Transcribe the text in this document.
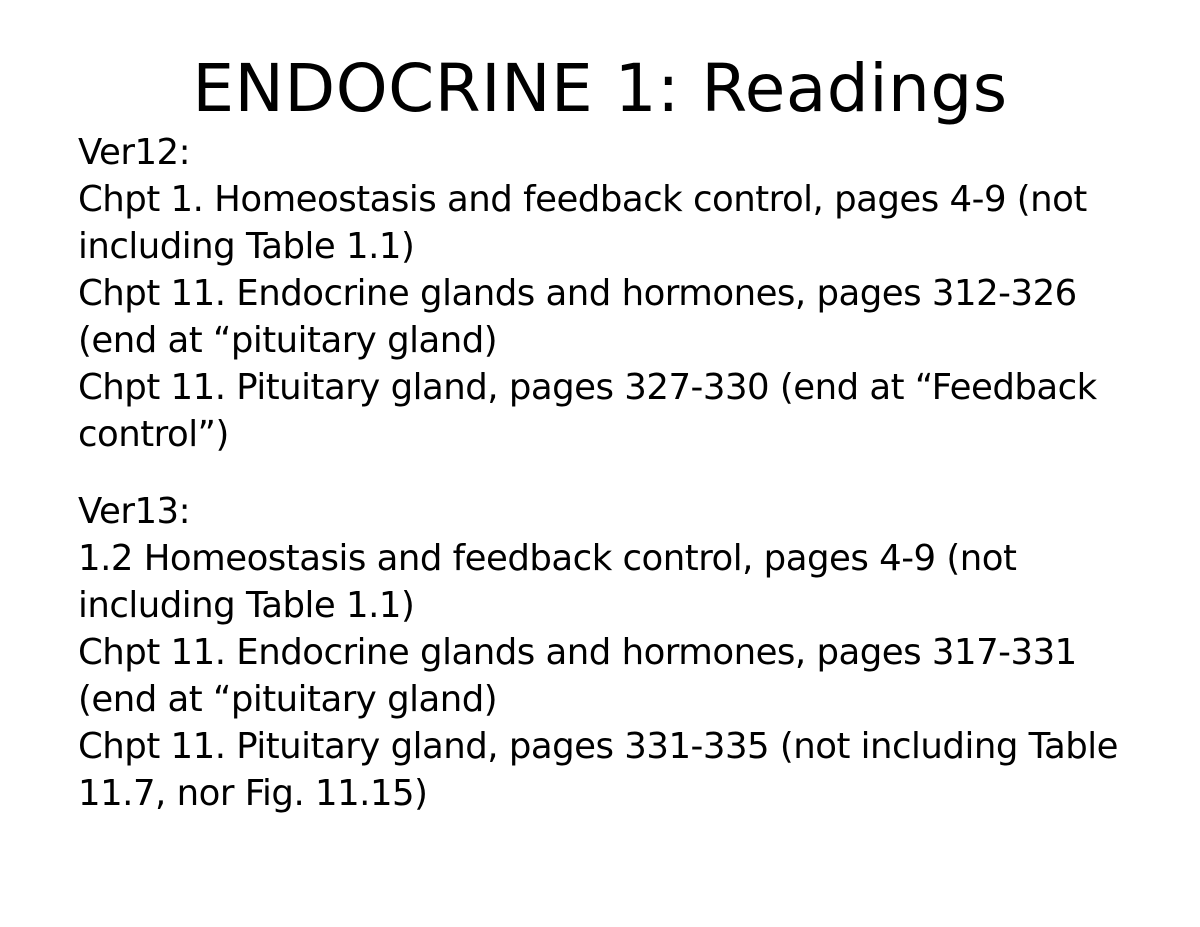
ENDOCRINE 1: Readings
Ver12:
Chpt 1. Homeostasis and feedback control, pages 4-9 (not
including Table 1.1)
Chpt 11. Endocrine glands and hormones, pages 312-326
(end at “pituitary gland)
Chpt 11. Pituitary gland, pages 327-330 (end at “Feedback
control”)
Ver13:
1.2 Homeostasis and feedback control, pages 4-9 (not
including Table 1.1)
Chpt 11. Endocrine glands and hormones, pages 317-331
(end at “pituitary gland)
Chpt 11. Pituitary gland, pages 331-335 (not including Table
11.7, nor Fig. 11.15)
